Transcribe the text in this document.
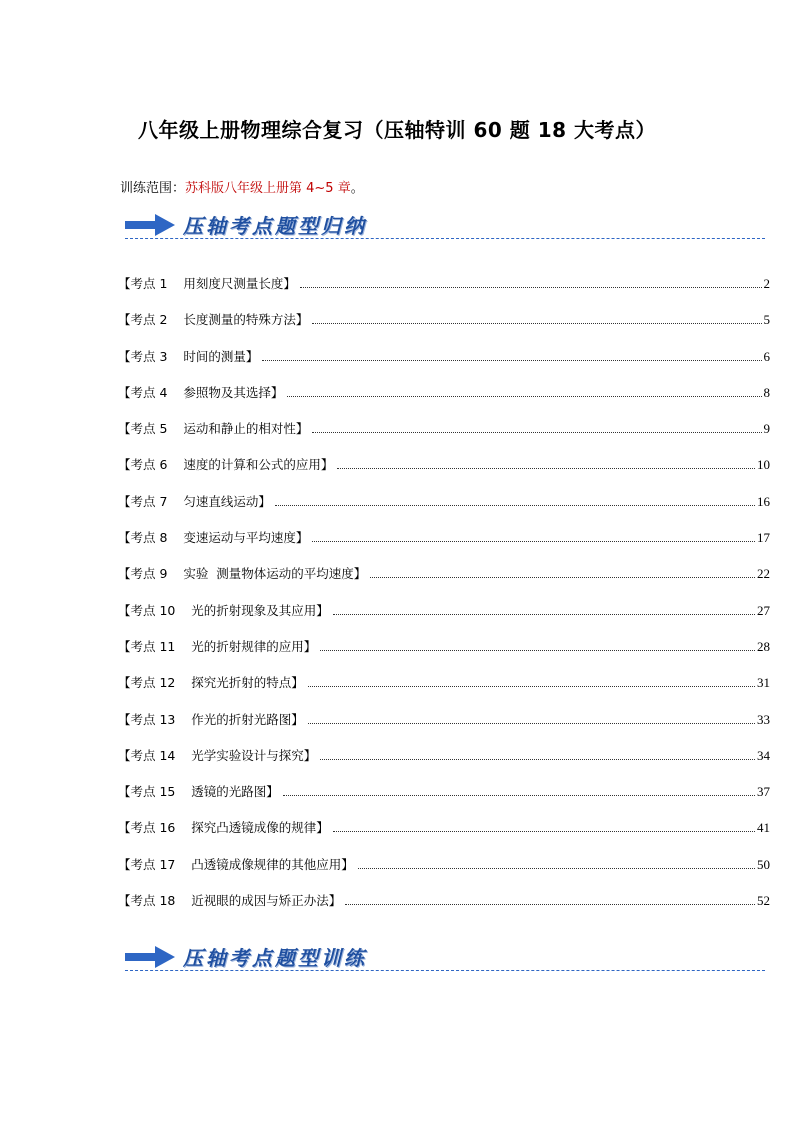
八年级上册物理综合复习（压轴特训 60 题 18 大考点）
训练范围：苏科版八年级上册第 4~5 章。
压轴考点题型归纳
【考点 1    用刻度尺测量长度】	2
【考点 2    长度测量的特殊方法】	5
【考点 3    时间的测量】	6
【考点 4    参照物及其选择】	8
【考点 5    运动和静止的相对性】	9
【考点 6    速度的计算和公式的应用】	10
【考点 7    匀速直线运动】	16
【考点 8    变速运动与平均速度】	17
【考点 9    实验  测量物体运动的平均速度】	22
【考点 10    光的折射现象及其应用】	27
【考点 11    光的折射规律的应用】	28
【考点 12    探究光折射的特点】	31
【考点 13    作光的折射光路图】	33
【考点 14    光学实验设计与探究】	34
【考点 15    透镜的光路图】	37
【考点 16    探究凸透镜成像的规律】	41
【考点 17    凸透镜成像规律的其他应用】	50
【考点 18    近视眼的成因与矫正办法】	52
压轴考点题型训练
